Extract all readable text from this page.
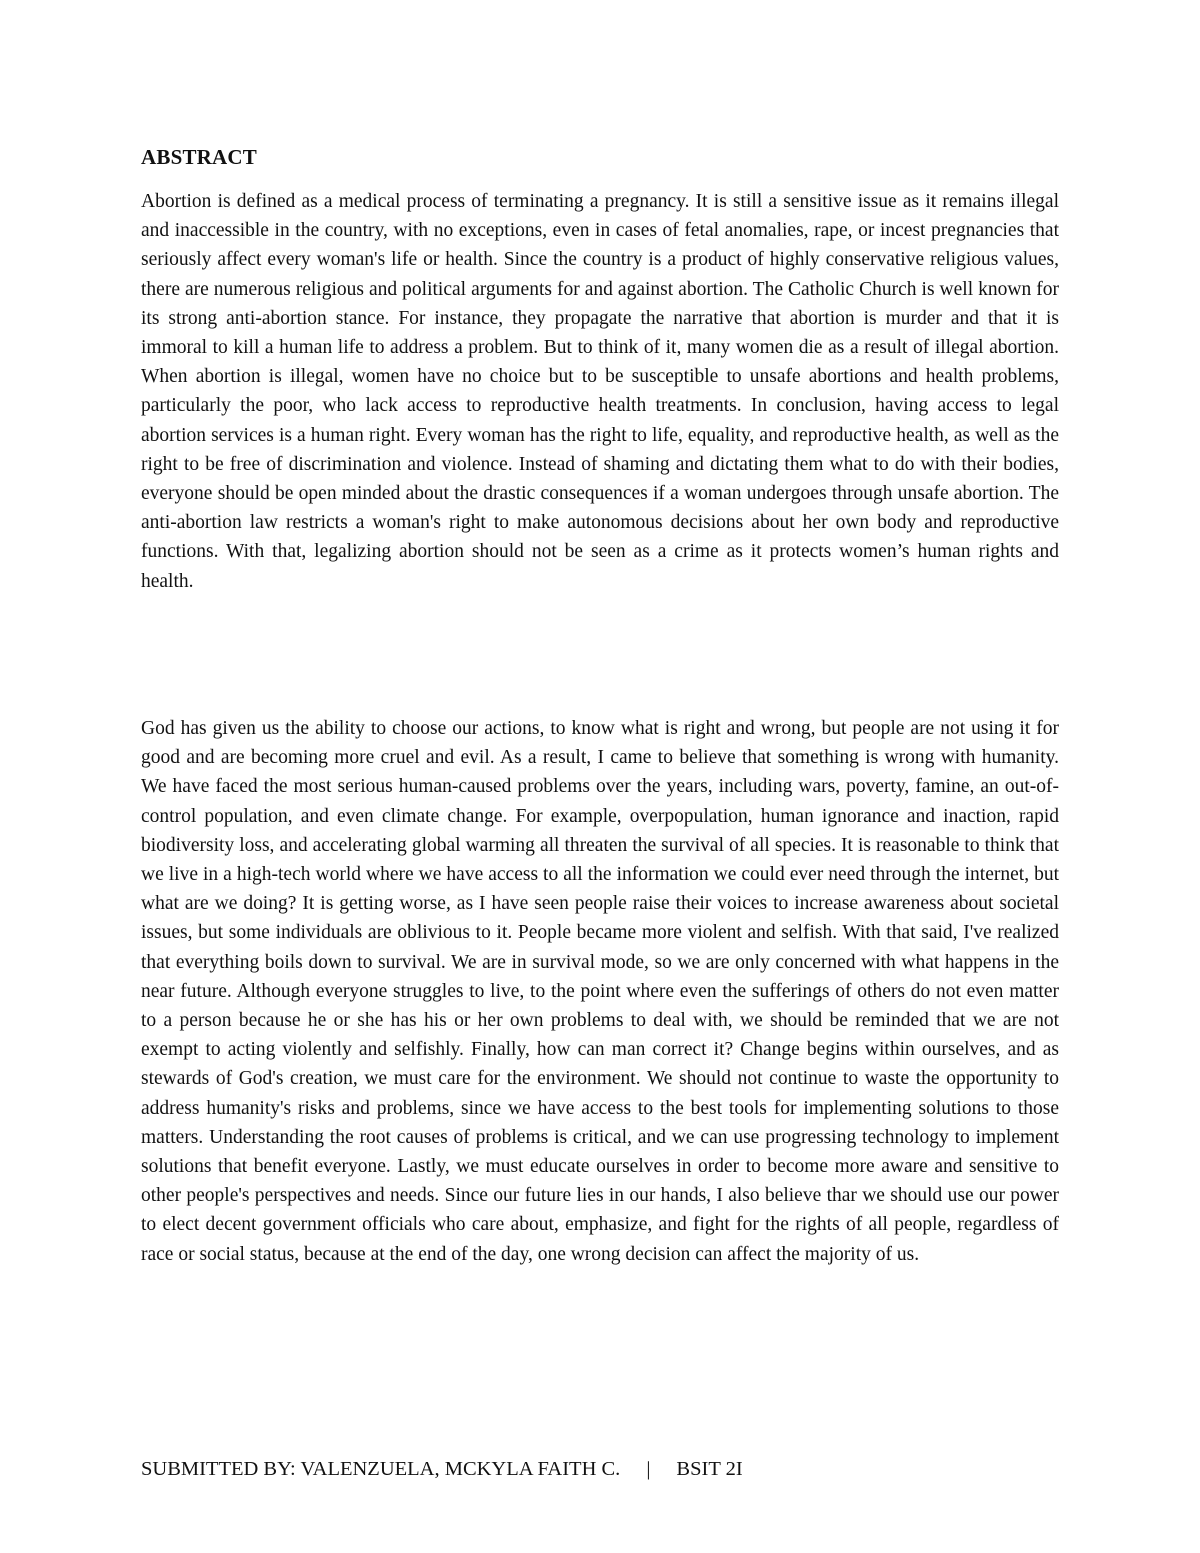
ABSTRACT

Abortion is defined as a medical process of terminating a pregnancy. It is still a sensitive issue as it remains illegal and inaccessible in the country, with no exceptions, even in cases of fetal anomalies, rape, or incest pregnancies that seriously affect every woman's life or health. Since the country is a product of highly conservative religious values, there are numerous religious and political arguments for and against abortion. The Catholic Church is well known for its strong anti-abortion stance. For instance, they propagate the narrative that abortion is murder and that it is immoral to kill a human life to address a problem. But to think of it, many women die as a result of illegal abortion. When abortion is illegal, women have no choice but to be susceptible to unsafe abortions and health problems, particularly the poor, who lack access to reproductive health treatments. In conclusion, having access to legal abortion services is a human right. Every woman has the right to life, equality, and reproductive health, as well as the right to be free of discrimination and violence. Instead of shaming and dictating them what to do with their bodies, everyone should be open minded about the drastic consequences if a woman undergoes through unsafe abortion. The anti-abortion law restricts a woman's right to make autonomous decisions about her own body and reproductive functions. With that, legalizing abortion should not be seen as a crime as it protects women’s human rights and health.

God has given us the ability to choose our actions, to know what is right and wrong, but people are not using it for good and are becoming more cruel and evil. As a result, I came to believe that something is wrong with humanity. We have faced the most serious human-caused problems over the years, including wars, poverty, famine, an out-of-control population, and even climate change. For example, overpopulation, human ignorance and inaction, rapid biodiversity loss, and accelerating global warming all threaten the survival of all species. It is reasonable to think that we live in a high-tech world where we have access to all the information we could ever need through the internet, but what are we doing? It is getting worse, as I have seen people raise their voices to increase awareness about societal issues, but some individuals are oblivious to it. People became more violent and selfish. With that said, I've realized that everything boils down to survival. We are in survival mode, so we are only concerned with what happens in the near future. Although everyone struggles to live, to the point where even the sufferings of others do not even matter to a person because he or she has his or her own problems to deal with, we should be reminded that we are not exempt to acting violently and selfishly. Finally, how can man correct it? Change begins within ourselves, and as stewards of God's creation, we must care for the environment. We should not continue to waste the opportunity to address humanity's risks and problems, since we have access to the best tools for implementing solutions to those matters. Understanding the root causes of problems is critical, and we can use progressing technology to implement solutions that benefit everyone. Lastly, we must educate ourselves in order to become more aware and sensitive to other people's perspectives and needs. Since our future lies in our hands, I also believe thar we should use our power to elect decent government officials who care about, emphasize, and fight for the rights of all people, regardless of race or social status, because at the end of the day, one wrong decision can affect the majority of us.

SUBMITTED BY: VALENZUELA, MCKYLA FAITH C. | BSIT 2I
